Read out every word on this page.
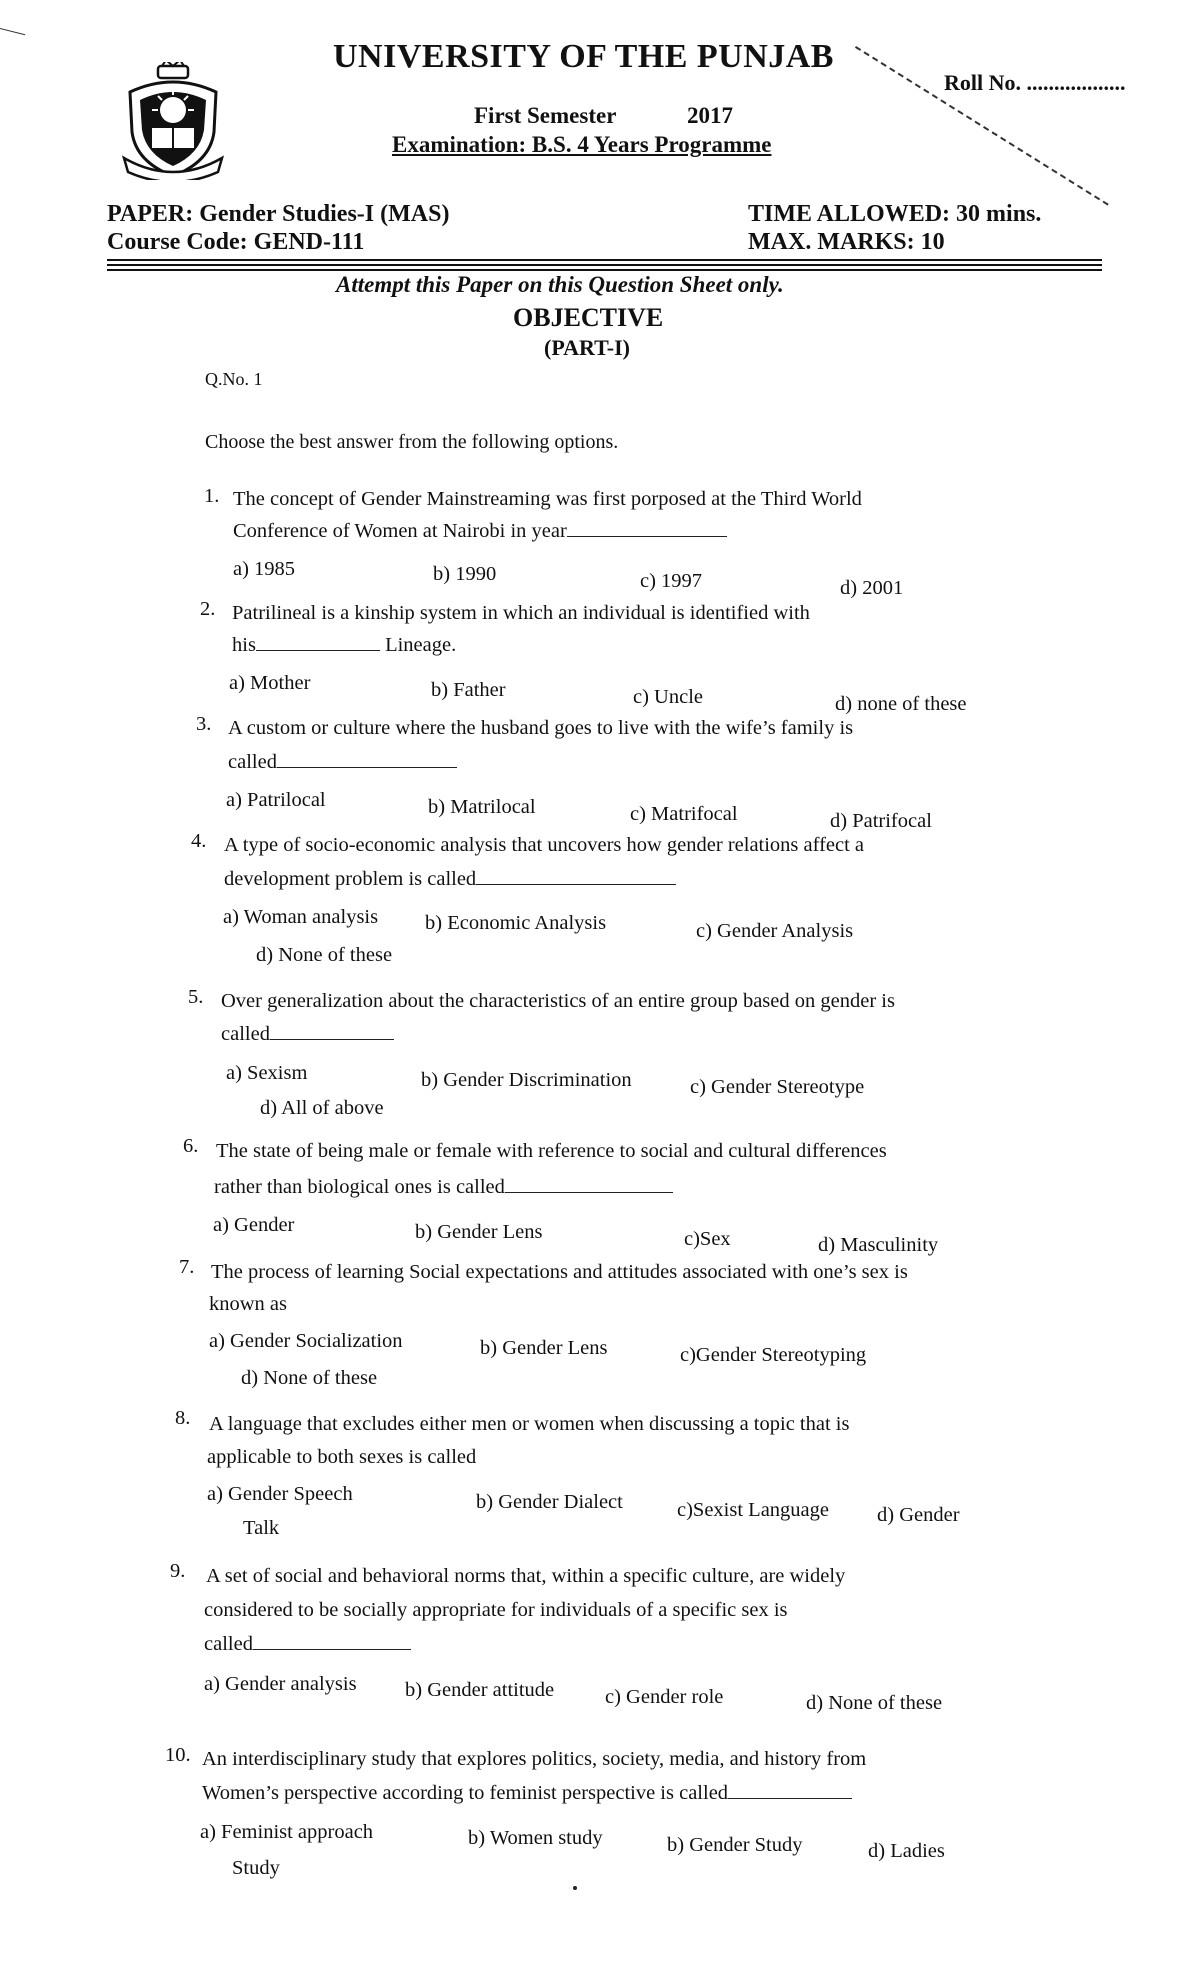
UNIVERSITY OF THE PUNJAB
Roll No. ..................
First Semester	2017
Examination: B.S. 4 Years Programme
PAPER: Gender Studies-I (MAS)
Course Code: GEND-111
TIME ALLOWED: 30 mins.
MAX. MARKS: 10
Attempt this Paper on this Question Sheet only.
OBJECTIVE
(PART-I)
Q.No. 1
Choose the best answer from the following options.
1. The concept of Gender Mainstreaming was first porposed at the Third World
Conference of Women at Nairobi in year
a) 1985	b) 1990	c) 1997	d) 2001
2. Patrilineal is a kinship system in which an individual is identified with
his	Lineage.
a) Mother	b) Father	c) Uncle	d) none of these
3. A custom or culture where the husband goes to live with the wife’s family is
called
a) Patrilocal	b) Matrilocal	c) Matrifocal	d) Patrifocal
4. A type of socio-economic analysis that uncovers how gender relations affect a
development problem is called
a) Woman analysis b) Economic Analysis	c) Gender Analysis
d) None of these
5. Over generalization about the characteristics of an entire group based on gender is
called
a) Sexism	b) Gender Discrimination	c) Gender Stereotype
d) All of above
6. The state of being male or female with reference to social and cultural differences
rather than biological ones is called
a) Gender	b) Gender Lens	c)Sex	d) Masculinity
7. The process of learning Social expectations and attitudes associated with one’s sex is
known as
a) Gender Socialization	b) Gender Lens	c)Gender Stereotyping
d) None of these
8. A language that excludes either men or women when discussing a topic that is
applicable to both sexes is called
a) Gender Speech
Talk
b) Gender Dialect	c)Sexist Language d) Gender
9. A set of social and behavioral norms that, within a specific culture, are widely
considered to be socially appropriate for individuals of a specific sex is
called
a) Gender analysis b) Gender attitude c) Gender role	d) None of these
10. An interdisciplinary study that explores politics, society, media, and history from
Women’s perspective according to feminist perspective is called
a) Feminist approach
Study
b) Women study	b) Gender Study	d) Ladies
